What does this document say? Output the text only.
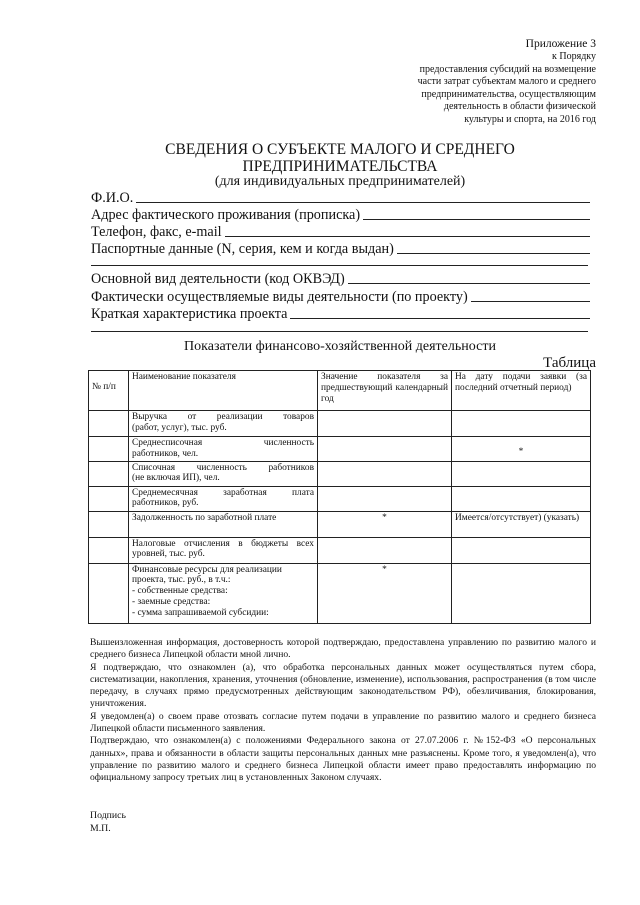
Приложение 3
к Порядку
предоставления субсидий на возмещение
части затрат субъектам малого и среднего
предпринимательства, осуществляющим
деятельность в области физической
культуры и спорта, на 2016 год
СВЕДЕНИЯ О СУБЪЕКТЕ МАЛОГО И СРЕДНЕГО
ПРЕДПРИНИМАТЕЛЬСТВА
(для индивидуальных предпринимателей)
Ф.И.О.
Адрес фактического проживания (прописка)
Телефон, факс, e-mail
Паспортные данные (N, серия, кем и когда выдан)
Основной вид деятельности (код ОКВЭД)
Фактически осуществляемые виды деятельности (по проекту)
Краткая характеристика проекта
Показатели финансово-хозяйственной деятельности
Таблица
№ п/п	Наименование показателя	Значение показателя за предшествующий календарный год	На дату подачи заявки (за последний отчетный период)

	Выручка от реализации товаров
(работ, услуг), тыс. руб.		

	Среднесписочная численность
работников, чел.		*

	Списочная численность работников
(не включая ИП), чел.		

	Среднемесячная заработная плата
работников, руб.		

	Задолженность по заработной плате	*	Имеется/отсутствует) (указать)

	Налоговые отчисления в бюджеты всех
уровней, тыс. руб.		

	Финансовые ресурсы для реализации
проекта, тыс. руб., в т.ч.:
- собственные средства:
- заемные средства:
- сумма запрашиваемой субсидии:	*	

Вышеизложенная информация, достоверность которой подтверждаю, предоставлена управлению по развитию малого и среднего бизнеса Липецкой области мной лично.

Я подтверждаю, что ознакомлен (а), что обработка персональных данных может осуществляться путем сбора, систематизации, накопления, хранения, уточнения (обновление, изменение), использования, распространения (в том числе передачу, в случаях прямо предусмотренных действующим законодательством РФ), обезличивания, блокирования, уничтожения.

Я уведомлен(а) о своем праве отозвать согласие путем подачи в управление по развитию малого и среднего бизнеса Липецкой области письменного заявления.

Подтверждаю, что ознакомлен(а) с положениями Федерального закона от 27.07.2006 г. №152-ФЗ «О персональных данных», права и обязанности в области защиты персональных данных мне разъяснены. Кроме того, я уведомлен(а), что управление по развитию малого и среднего бизнеса Липецкой области имеет право предоставлять информацию по официальному запросу третьих лиц в установленных Законом случаях.

Подпись
М.П.
